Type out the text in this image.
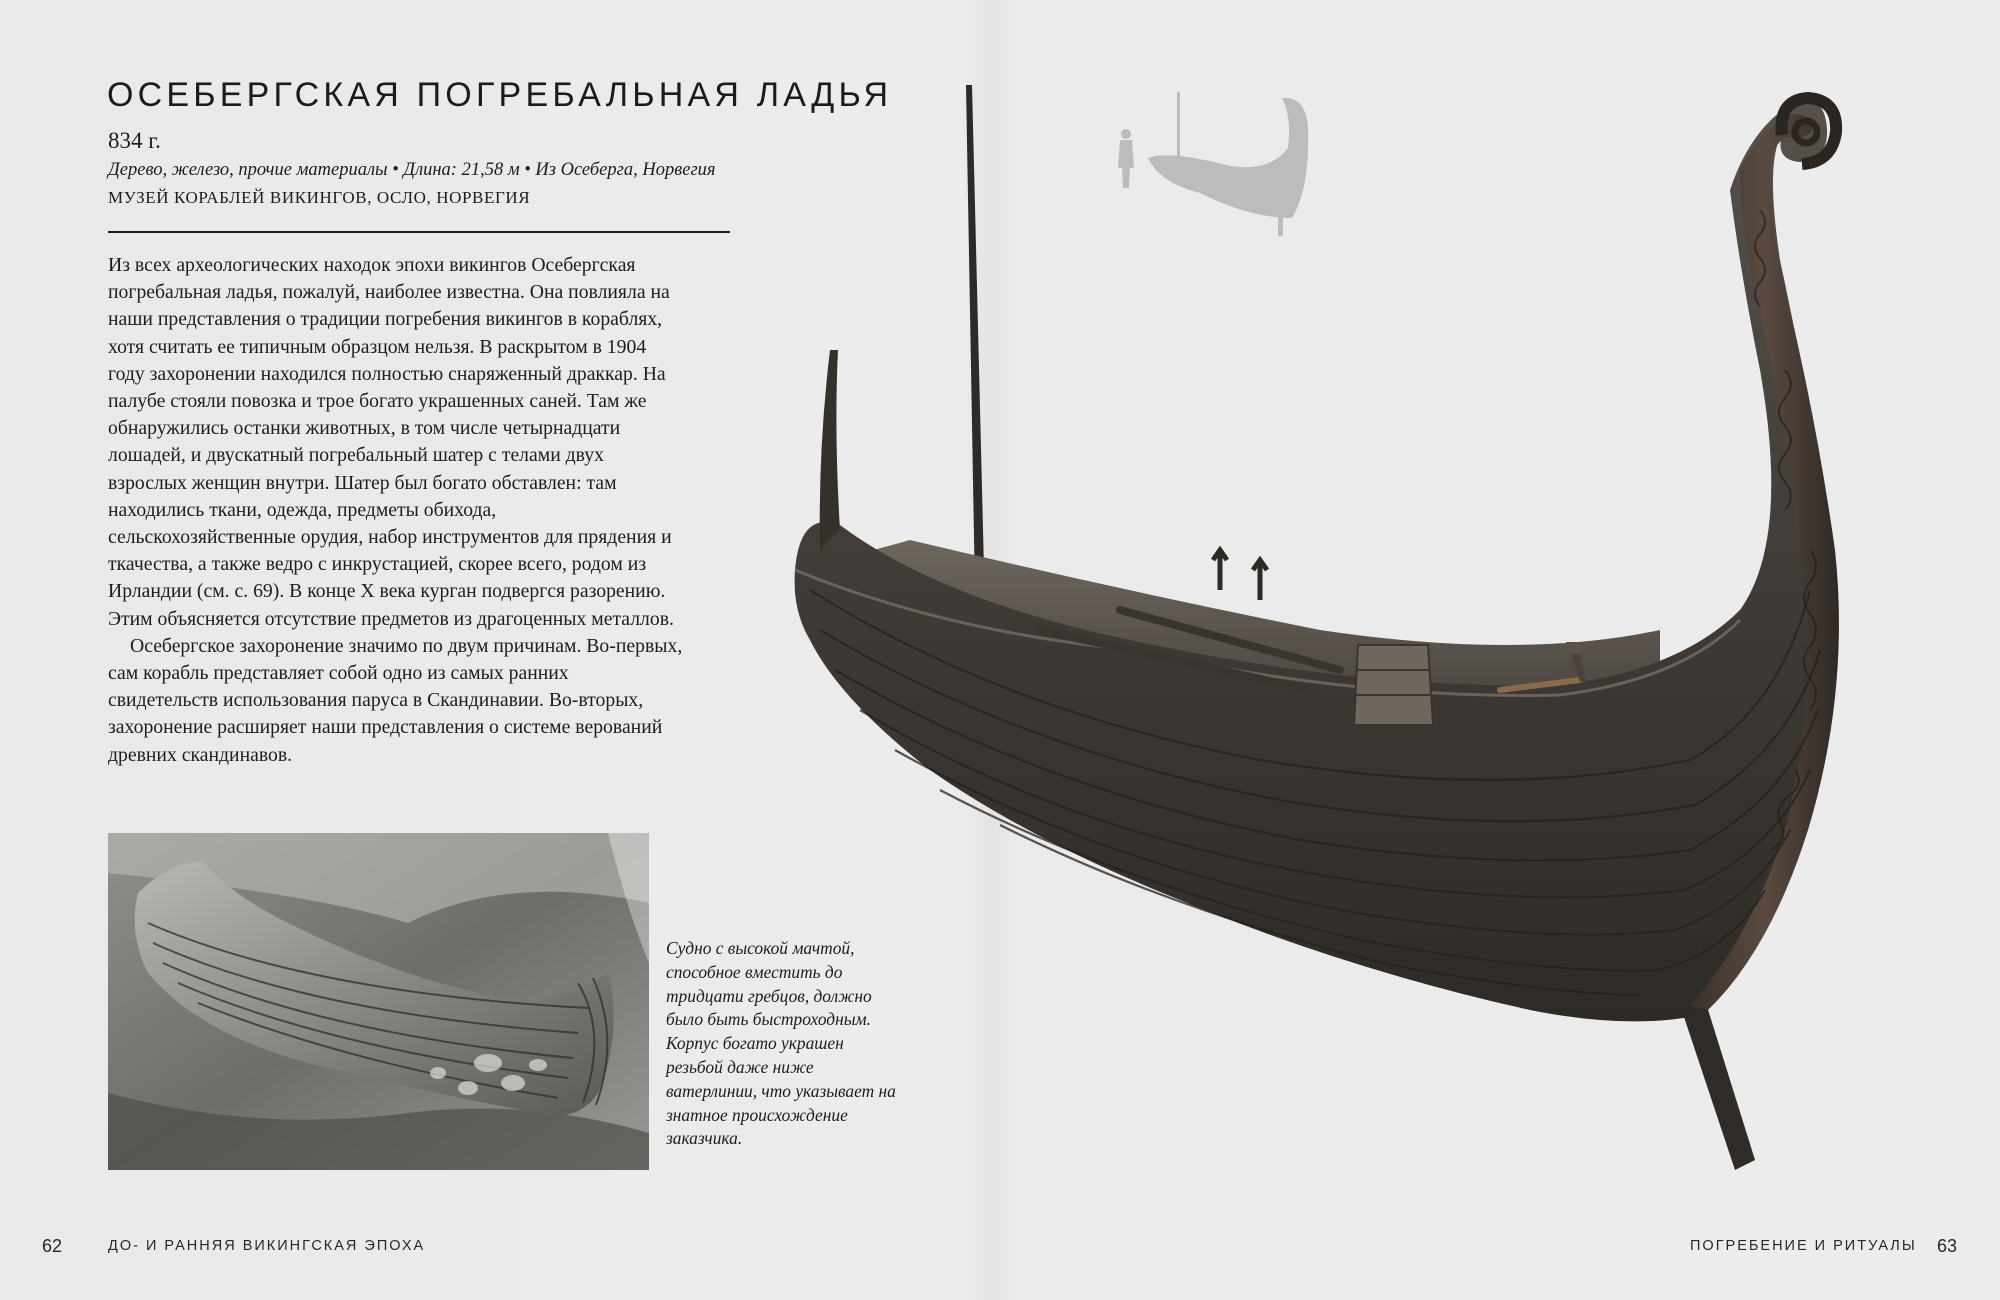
ОСЕБЕРГСКАЯ ПОГРЕБАЛЬНАЯ ЛАДЬЯ
834 г.
Дерево, железо, прочие материалы • Длина: 21,58 м • Из Осеберга, Норвегия
МУЗЕЙ КОРАБЛЕЙ ВИКИНГОВ, ОСЛО, НОРВЕГИЯ

Из всех археологических находок эпохи викингов Осебергская погребальная ладья, пожалуй, наиболее известна. Она повлияла на наши представления о традиции погребения викингов в кораблях, хотя считать ее типичным образцом нельзя. В раскрытом в 1904 году захоронении находился полностью снаряженный драккар. На палубе стояли повозка и трое богато украшенных саней. Там же обнаружились останки животных, в том числе четырнадцати лошадей, и двускатный погребальный шатер с телами двух взрослых женщин внутри. Шатер был богато обставлен: там находились ткани, одежда, предметы обихода, сельскохозяйственные орудия, набор инструментов для прядения и ткачества, а также ведро с инкрустацией, скорее всего, родом из Ирландии (см. с. 69). В конце X века курган подвергся разорению. Этим объясняется отсутствие предметов из драгоценных металлов.

Осебергское захоронение значимо по двум причинам. Во-первых, сам корабль представляет собой одно из самых ранних свидетельств использования паруса в Скандинавии. Во-вторых, захоронение расширяет наши представления о системе верований древних скандинавов.

Судно с высокой мачтой, способное вместить до тридцати гребцов, должно было быть быстроходным. Корпус богато украшен резьбой даже ниже ватерлинии, что указывает на знатное происхождение заказчика.
62	ДО- И РАННЯЯ ВИКИНГСКАЯ ЭПОХА	ПОГРЕБЕНИЕ И РИТУАЛЫ 63
